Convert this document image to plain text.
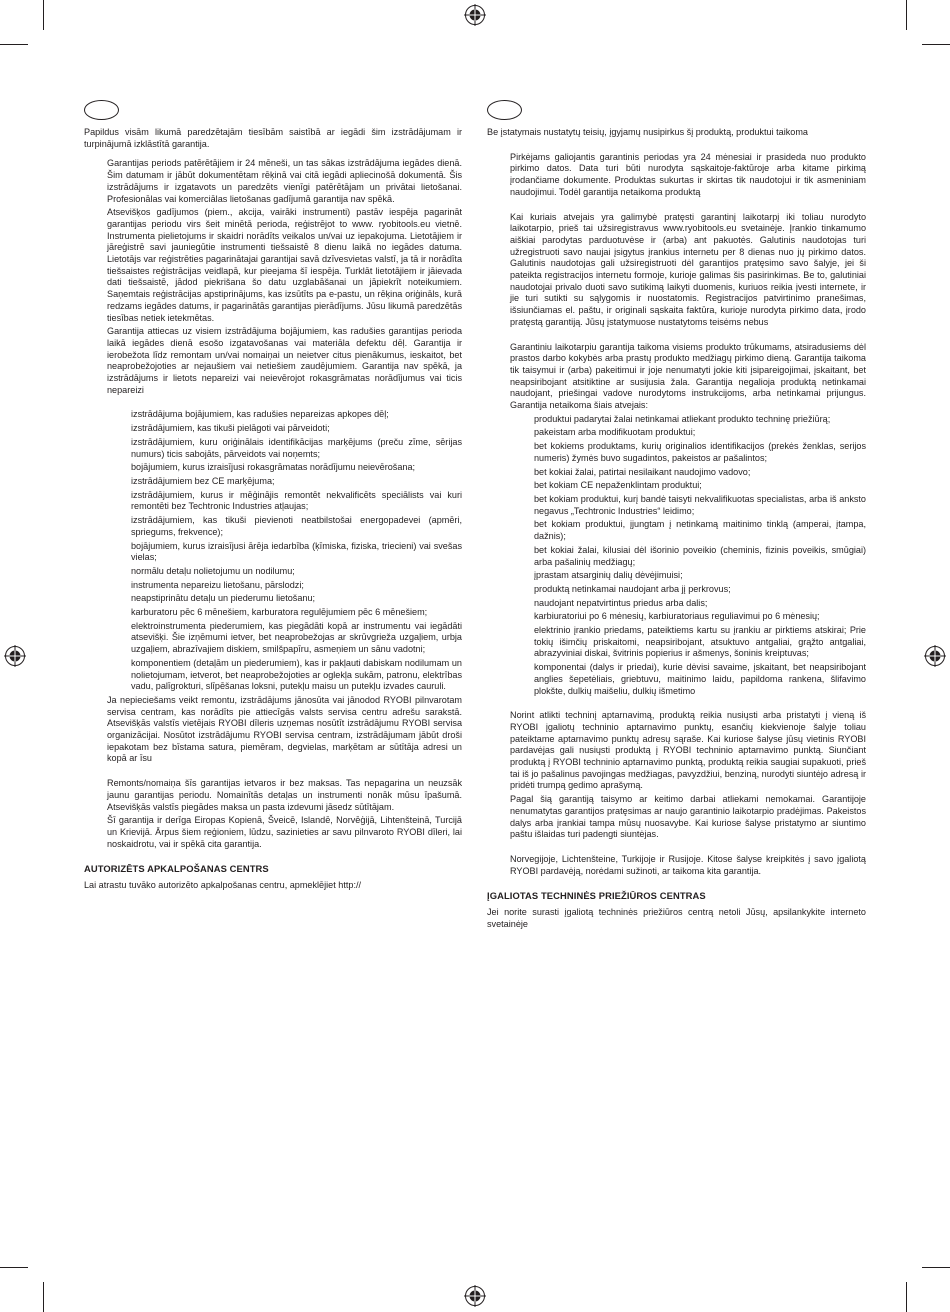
Papildus visām likumā paredzētajām tiesībām saistībā ar iegādi šim izstrādājumam ir turpinājumā izklāstītā garantija.

Garantijas periods patērētājiem ir 24 mēneši, un tas sākas izstrādājuma iegādes dienā. Šim datumam ir jābūt dokumentētam rēķinā vai citā iegādi apliecinošā dokumentā. Šis izstrādājums ir izgatavots un paredzēts vienīgi patērētājam un privātai lietošanai. Profesionālas vai komerciālas lietošanas gadījumā garantija nav spēkā.

Atsevišķos gadījumos (piem., akcija, vairāki instrumenti) pastāv iespēja pagarināt garantijas periodu virs šeit minētā perioda, reģistrējot to www. ryobitools.eu vietnē. Instrumenta pielietojums ir skaidri norādīts veikalos un/vai uz iepakojuma. Lietotājiem ir jāreģistrē savi jauniegūtie instrumenti tiešsaistē 8 dienu laikā no iegādes datuma. Lietotājs var reģistrēties pagarinātajai garantijai savā dzīvesvietas valstī, ja tā ir norādīta tiešsaistes reģistrācijas veidlapā, kur pieejama šī iespēja. Turklāt lietotājiem ir jāievada dati tiešsaistē, jādod piekrišana šo datu uzglabāšanai un jāpiekrīt noteikumiem. Saņemtais reģistrācijas apstiprinājums, kas izsūtīts pa e-pastu, un rēķina oriģināls, kurā redzams iegādes datums, ir pagarinātās garantijas pierādījums. Jūsu likumā paredzētās tiesības netiek ietekmētas.

Garantija attiecas uz visiem izstrādājuma bojājumiem, kas radušies garantijas perioda laikā iegādes dienā esošo izgatavošanas vai materiāla defektu dēļ. Garantija ir ierobežota līdz remontam un/vai nomaiņai un neietver citus pienākumus, ieskaitot, bet neaprobežojoties ar nejaušiem vai netiešiem zaudējumiem. Garantija nav spēkā, ja izstrādājums ir lietots nepareizi vai neievērojot rokasgrāmatas norādījumus vai ticis nepareizi

izstrādājuma bojājumiem, kas radušies nepareizas apkopes dēļ;

izstrādājumiem, kas tikuši pielāgoti vai pārveidoti;

izstrādājumiem, kuru oriģinālais identifikācijas marķējums (preču zīme, sērijas numurs) ticis sabojāts, pārveidots vai noņemts;

bojājumiem, kurus izraisījusi rokasgrāmatas norādījumu neievērošana;

izstrādājumiem bez CE marķējuma;

izstrādājumiem, kurus ir mēģinājis remontēt nekvalificēts speciālists vai kuri remontēti bez Techtronic Industries atļaujas;

izstrādājumiem, kas tikuši pievienoti neatbilstošai energopadevei (apmēri, spriegums, frekvence);

bojājumiem, kurus izraisījusi ārēja iedarbība (ķīmiska, fiziska, triecieni) vai svešas vielas;

normālu detaļu nolietojumu un nodilumu;

instrumenta nepareizu lietošanu, pārslodzi;

neapstiprinātu detaļu un piederumu lietošanu;

karburatoru pēc 6 mēnešiem, karburatora regulējumiem pēc 6 mēnešiem;

elektroinstrumenta piederumiem, kas piegādāti kopā ar instrumentu vai iegādāti atsevišķi. Šie izņēmumi ietver, bet neaprobežojas ar skrūvgrieža uzgaļiem, urbja uzgaļiem, abrazīvajiem diskiem, smilšpapīru, asmeņiem un sānu vadotni;

komponentiem (detaļām un piederumiem), kas ir pakļauti dabiskam nodilumam un nolietojumam, ietverot, bet neaprobežojoties ar oglekļa sukām, patronu, elektrības vadu, palīgrokturi, slīpēšanas loksni, putekļu maisu un putekļu izvades cauruli.

Ja nepieciešams veikt remontu, izstrādājums jānosūta vai jānodod RYOBI pilnvarotam servisa centram, kas norādīts pie attiecīgās valsts servisa centru adrešu sarakstā. Atsevišķās valstīs vietējais RYOBI dīleris uzņemas nosūtīt izstrādājumu RYOBI servisa organizācijai. Nosūtot izstrādājumu RYOBI servisa centram, izstrādājumam jābūt droši iepakotam bez bīstama satura, piemēram, degvielas, marķētam ar sūtītāja adresi un kopā ar īsu

Remonts/nomaiņa šīs garantijas ietvaros ir bez maksas. Tas nepagarina un neuzsāk jaunu garantijas periodu. Nomainītās detaļas un instrumenti nonāk mūsu īpašumā. Atsevišķās valstīs piegādes maksa un pasta izdevumi jāsedz sūtītājam.

Šī garantija ir derīga Eiropas Kopienā, Šveicē, Islandē, Norvēģijā, Lihtenšteinā, Turcijā un Krievijā. Ārpus šiem reģioniem, lūdzu, sazinieties ar savu pilnvaroto RYOBI dīleri, lai noskaidrotu, vai ir spēkā cita garantija.

AUTORIZĒTS APKALPOŠANAS CENTRS

Lai atrastu tuvāko autorizēto apkalpošanas centru, apmeklējiet http://

Be įstatymais nustatytų teisių, įgyjamų nusipirkus šį produktą, produktui taikoma

Pirkėjams galiojantis garantinis periodas yra 24 mėnesiai ir prasideda nuo produkto pirkimo datos. Data turi būti nurodyta sąskaitoje-faktūroje arba kitame pirkimą įrodančiame dokumente. Produktas sukurtas ir skirtas tik naudotojui ir tik asmeniniam naudojimui. Todėl garantija netaikoma produktą

Kai kuriais atvejais yra galimybė pratęsti garantinį laikotarpį iki toliau nurodyto laikotarpio, prieš tai užsiregistravus www.ryobitools.eu svetainėje. Įrankio tinkamumo aiškiai parodytas parduotuvėse ir (arba) ant pakuotės. Galutinis naudotojas turi užregistruoti savo naujai įsigytus įrankius internetu per 8 dienas nuo jų pirkimo datos. Galutinis naudotojas gali užsiregistruoti dėl garantijos pratęsimo savo šalyje, jei ši pateikta registracijos internetu formoje, kurioje galimas šis pasirinkimas. Be to, galutiniai naudotojai privalo duoti savo sutikimą laikyti duomenis, kuriuos reikia įvesti internete, ir jie turi sutikti su sąlygomis ir nuostatomis. Registracijos patvirtinimo pranešimas, išsiunčiamas el. paštu, ir originali sąskaita faktūra, kurioje nurodyta pirkimo data, įrodo pratęstą garantiją. Jūsų įstatymuose nustatytoms teisėms nebus

Garantiniu laikotarpiu garantija taikoma visiems produkto trūkumams, atsiradusiems dėl prastos darbo kokybės arba prastų produkto medžiagų pirkimo dieną. Garantija taikoma tik taisymui ir (arba) pakeitimui ir joje nenumatyti jokie kiti įsipareigojimai, įskaitant, bet neapsiribojant atsitiktine ar susijusia žala. Garantija negalioja produktą netinkamai naudojant, priešingai vadove nurodytoms instrukcijoms, arba netinkamai prijungus. Garantija netaikoma šiais atvejais:

produktui padarytai žalai netinkamai atliekant produkto techninę priežiūrą;

pakeistam arba modifikuotam produktui;

bet kokiems produktams, kurių originalios identifikacijos (prekės ženklas, serijos numeris) žymės buvo sugadintos, pakeistos ar pašalintos;

bet kokiai žalai, patirtai nesilaikant naudojimo vadovo;

bet kokiam CE nepaženklintam produktui;

bet kokiam produktui, kurį bandė taisyti nekvalifikuotas specialistas, arba iš anksto negavus „Techtronic Industries“ leidimo;

bet kokiam produktui, įjungtam į netinkamą maitinimo tinklą (amperai, įtampa, dažnis);

bet kokiai žalai, kilusiai dėl išorinio poveikio (cheminis, fizinis poveikis, smūgiai) arba pašalinių medžiagų;

įprastam atsarginių dalių dėvėjimuisi;

produktą netinkamai naudojant arba jį perkrovus;

naudojant nepatvirtintus priedus arba dalis;

karbiuratoriui po 6 mėnesių, karbiuratoriaus reguliavimui po 6 mėnesių;

elektrinio įrankio priedams, pateiktiems kartu su įrankiu ar pirktiems atskirai; Prie tokių išimčių priskaitomi, neapsiribojant, atsuktuvo antgaliai, grąžto antgaliai, abrazyviniai diskai, švitrinis popierius ir ašmenys, šoninis kreiptuvas;

komponentai (dalys ir priedai), kurie dėvisi savaime, įskaitant, bet neapsiribojant anglies šepetėliais, griebtuvu, maitinimo laidu, papildoma rankena, šlifavimo plokšte, dulkių maišeliu, dulkių išmetimo

Norint atlikti techninį aptarnavimą, produktą reikia nusiųsti arba pristatyti į vieną iš RYOBI įgaliotų techninio aptarnavimo punktų, esančių kiekvienoje šalyje toliau pateiktame aptarnavimo punktų adresų sąraše. Kai kuriose šalyse jūsų vietinis RYOBI pardavėjas gali nusiųsti produktą į RYOBI techninio aptarnavimo punktą. Siunčiant produktą į RYOBI techninio aptarnavimo punktą, produktą reikia saugiai supakuoti, prieš tai iš jo pašalinus pavojingas medžiagas, pavyzdžiui, benziną, nurodyti siuntėjo adresą ir pridėti trumpą gedimo aprašymą.

Pagal šią garantiją taisymo ar keitimo darbai atliekami nemokamai. Garantijoje nenumatytas garantijos pratęsimas ar naujo garantinio laikotarpio pradėjimas. Pakeistos dalys arba įrankiai tampa mūsų nuosavybe. Kai kuriose šalyse pristatymo ar siuntimo paštu išlaidas turi padengti siuntėjas.

Norvegijoje, Lichtenšteine, Turkijoje ir Rusijoje. Kitose šalyse kreipkitės į savo įgaliotą RYOBI pardavėją, norėdami sužinoti, ar taikoma kita garantija.

ĮGALIOTAS TECHNINĖS PRIEŽIŪROS CENTRAS

Jei norite surasti įgaliotą techninės priežiūros centrą netoli Jūsų, apsilankykite interneto svetainėje
